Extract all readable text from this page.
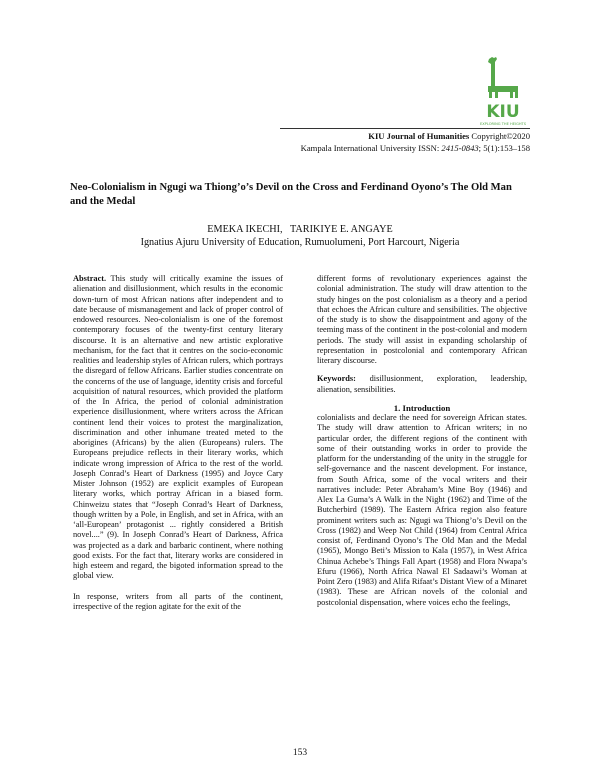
KIU
EXPLORING THE HEIGHTS
KIU Journal of Humanities Copyright©2020
Kampala International University ISSN: 2415-0843; 5(1):153–158
Neo-Colonialism in Ngugi wa Thiong’o’s Devil on the Cross and Ferdinand Oyono’s The Old Man and the Medal
EMEKA IKECHI,   TARIKIYE E. ANGAYE
Ignatius Ajuru University of Education, Rumuolumeni, Port Harcourt, Nigeria

Abstract. This study will critically examine the issues of alienation and disillusionment, which results in the economic down-turn of most African nations after independent and to date because of mismanagement and lack of proper control of endowed resources. Neo-colonialism is one of the foremost contemporary focuses of the twenty-first century literary discourse. It is an alternative and new artistic explorative mechanism, for the fact that it centres on the socio-economic realities and leadership styles of African rulers, which portrays the disregard of fellow Africans. Earlier studies concentrate on the concerns of the use of language, identity crisis and forceful acquisition of natural resources, which provided the platform of the In Africa, the period of colonial administration experience disillusionment, where writers across the African continent lend their voices to protest the marginalization, discrimination and other inhumane treated meted to the aborigines (Africans) by the alien (Europeans) rulers. The Europeans prejudice reflects in their literary works, which indicate wrong impression of Africa to the rest of the world. Joseph Conrad’s Heart of Darkness (1995) and Joyce Cary Mister Johnson (1952) are explicit examples of European literary works, which portray African in a biased form. Chinweizu states that “Joseph Conrad’s Heart of Darkness, though written by a Pole, in English, and set in Africa, with an ‘all-European’ protagonist ... rightly considered a British novel....” (9). In Joseph Conrad’s Heart of Darkness, Africa was projected as a dark and barbaric continent, where nothing good exists. For the fact that, literary works are considered in high esteem and regard, the bigoted information spread to the global view.

In response, writers from all parts of the continent, irrespective of the region agitate for the exit of the

different forms of revolutionary experiences against the colonial administration. The study will draw attention to the study hinges on the post colonialism as a theory and a period that echoes the African culture and sensibilities. The objective of the study is to show the disappointment and agony of the teeming mass of the continent in the post-colonial and modern periods. The study will assist in expanding scholarship of representation in postcolonial and contemporary African literary discourse.

Keywords: disillusionment, exploration, leadership, alienation, sensibilities.

1. Introduction

colonialists and declare the need for sovereign African states. The study will draw attention to African writers; in no particular order, the different regions of the continent with some of their outstanding works in order to provide the platform for the understanding of the unity in the struggle for self-governance and the nascent development. For instance, from South Africa, some of the vocal writers and their narratives include: Peter Abraham’s Mine Boy (1946) and Alex La Guma’s A Walk in the Night (1962) and Time of the Butcherbird (1989). The Eastern Africa region also feature prominent writers such as: Ngugi wa Thiong’o’s Devil on the Cross (1982) and Weep Not Child (1964) from Central Africa consist of, Ferdinand Oyono’s The Old Man and the Medal (1965), Mongo Beti’s Mission to Kala (1957), in West Africa Chinua Achebe’s Things Fall Apart (1958) and Flora Nwapa’s Efuru (1966), North Africa Nawal El Sadaawi’s Woman at Point Zero (1983) and Alifa Rifaat’s Distant View of a Minaret (1983). These are African novels of the colonial and postcolonial dispensation, where voices echo the feelings,

153
